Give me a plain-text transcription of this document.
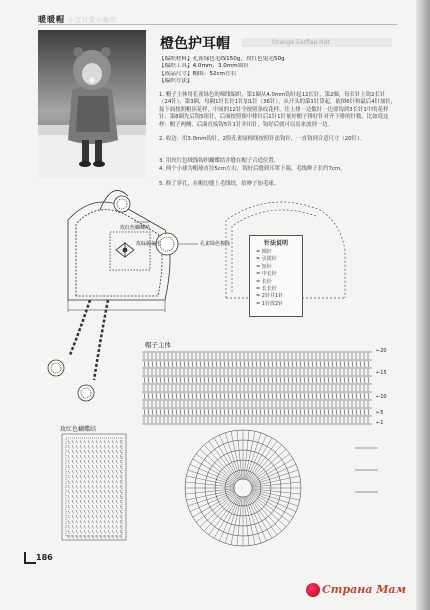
暖暖帽 小宝贝爱心编织
橙色护耳帽	Orange Earflap Hat
【编织材料】孔雀绿色毛线150g，玫红色兔毛50g
【编织工具】4.0mm、3.0mm钩针
【成品尺寸】帽围：52cm左右
【编织方法】
1. 帽子主体用孔雀绿色的棉线编织，第1圈从4.0mm钩针起12长针，第2圈，每长针上钩2长针（24针），第3圈，每隔1针长针1针加1针（36针），从开头的第1针算起，依图6针和最后4针加针，接下面按照帽顶花样，中间的12针全按照条纹花样，往上排一边数针一边要钩到3长针1中的花样针，第8圈先后钩5组针，后面按照图中排针后1针1针量好帽子排好针对齐下排的针数，比如说这样：帽子两侧、后面直接钩5针1针并出针，钩好后就可以出来放到一边。
2. 收边：用3.0mm钩针，2股孔雀绿棉线按照针法钩针，一直钩到合适尺寸（20针）。
3. 用玫红色绒线钩织蝴蝶结并缝在帽子合适位置。
4. 两个小球为帽球直径5cm左右，钩好后缝到耳罩下端，毛线辫子长约7cm。
5. 修了穿孔，在帽边缝上毛线结，给辫子加毛球。
玫红色蝴蝶结
玫红色兔毛	孔雀绿色棉线
帽子主体
玫红色蝴蝶结
针法说明
= 锁针
= 引拔针
= 短针
= 中长针
= 长针
= 长长针
= 2针并1针
= 1针放2针
←20
←15
←10
←5
←1
186
Страна Мам
